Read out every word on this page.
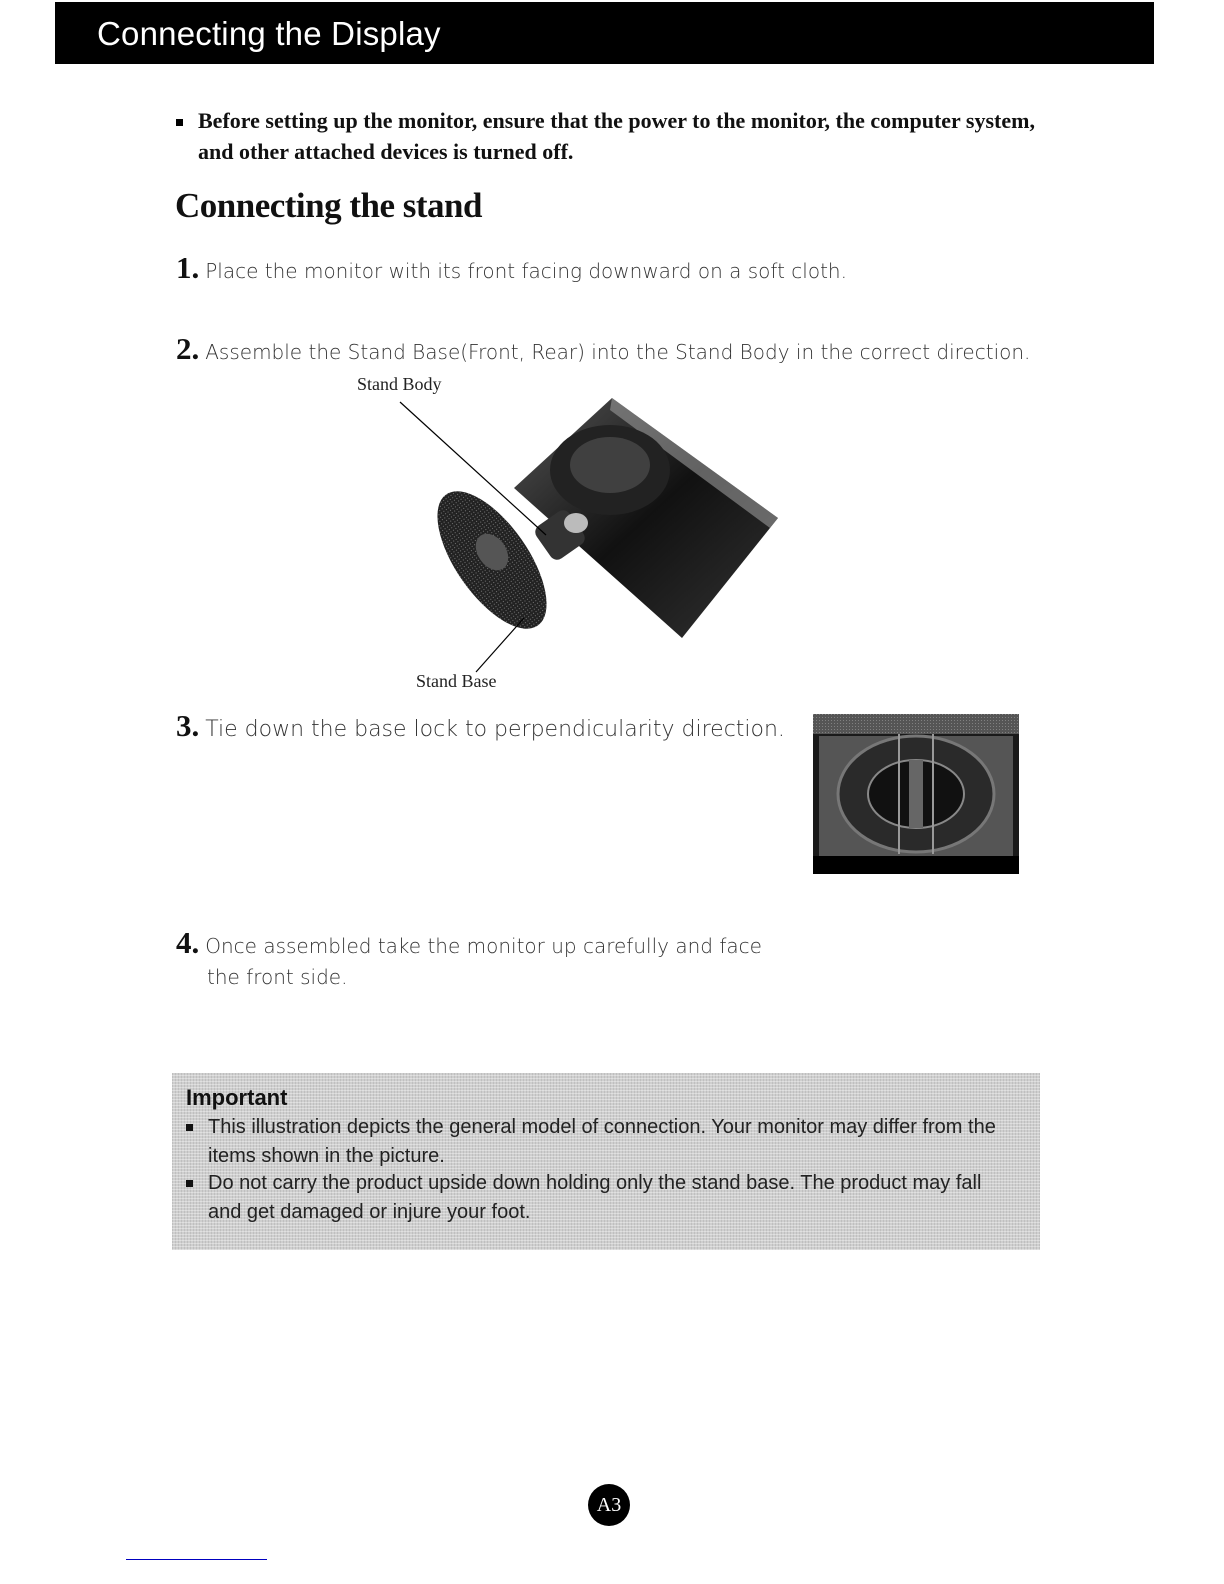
Connecting the Display
Before setting up the monitor, ensure that the power to the monitor, the computer system, and other attached devices is turned off.
Connecting the stand
1. Place the monitor with its front facing downward on a soft cloth.
2. Assemble the Stand Base(Front, Rear) into the Stand Body in the correct direction.
Stand Body
Stand Base
3. Tie down the base lock to perpendicularity direction.
4. Once assembled take the monitor up carefully and face
the front side.
Important
This illustration depicts the general model of connection. Your monitor may differ from the items shown in the picture.
Do not carry the product upside down holding only the stand base. The product may fall and get damaged or injure your foot.
A3
